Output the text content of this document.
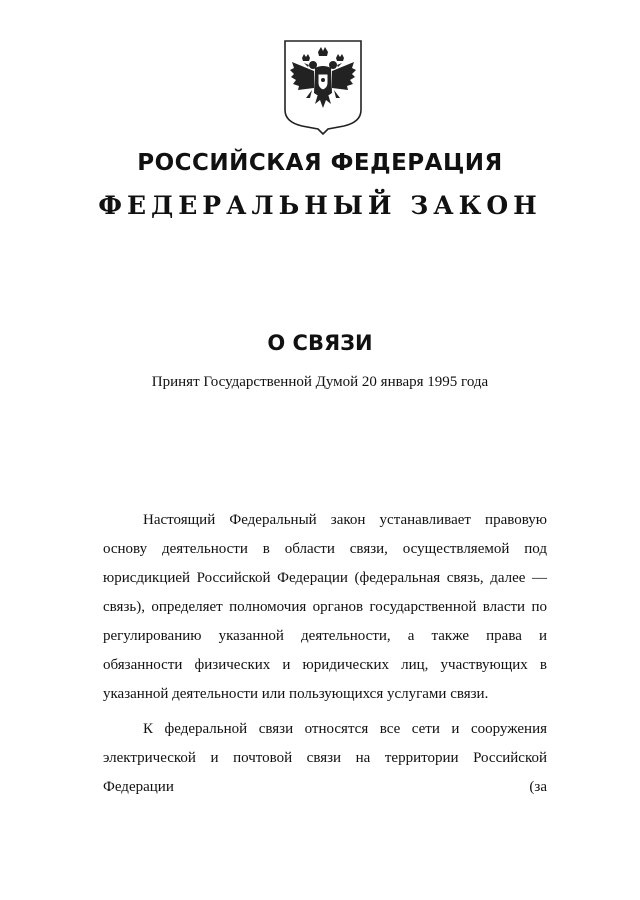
РОССИЙСКАЯ ФЕДЕРАЦИЯ
ФЕДЕРАЛЬНЫЙ ЗАКОН
О СВЯЗИ

Принят Государственной Думой 20 января 1995 года

Настоящий Федеральный закон устанавливает правовую основу деятельности в области связи, осуществляемой под юрисдикцией Российской Федерации (федеральная связь, далее — связь), определяет полномочия органов государственной власти по регулированию указанной деятельности, а также права и обязанности физических и юридических лиц, участвующих в указанной деятельности или пользующихся услугами связи.

К федеральной связи относятся все сети и сооружения электрической и почтовой связи на территории Российской Федерации (за
